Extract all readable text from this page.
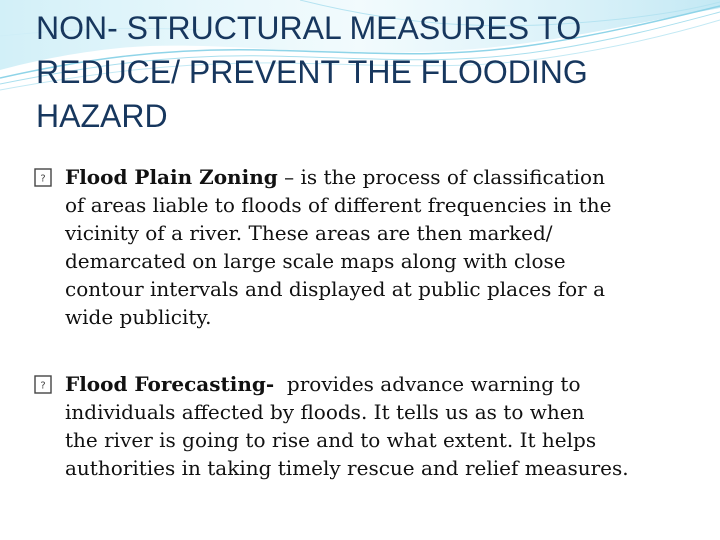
NON- STRUCTURAL MEASURES TO
REDUCE/ PREVENT THE FLOODING
HAZARD
? Flood Plain Zoning – is the process of classification
of areas liable to floods of different frequencies in the
vicinity of a river. These areas are then marked/
demarcated on large scale maps along with close
contour intervals and displayed at public places for a
wide publicity.
? Flood Forecasting-  provides advance warning to
individuals affected by floods. It tells us as to when
the river is going to rise and to what extent. It helps
authorities in taking timely rescue and relief measures.
